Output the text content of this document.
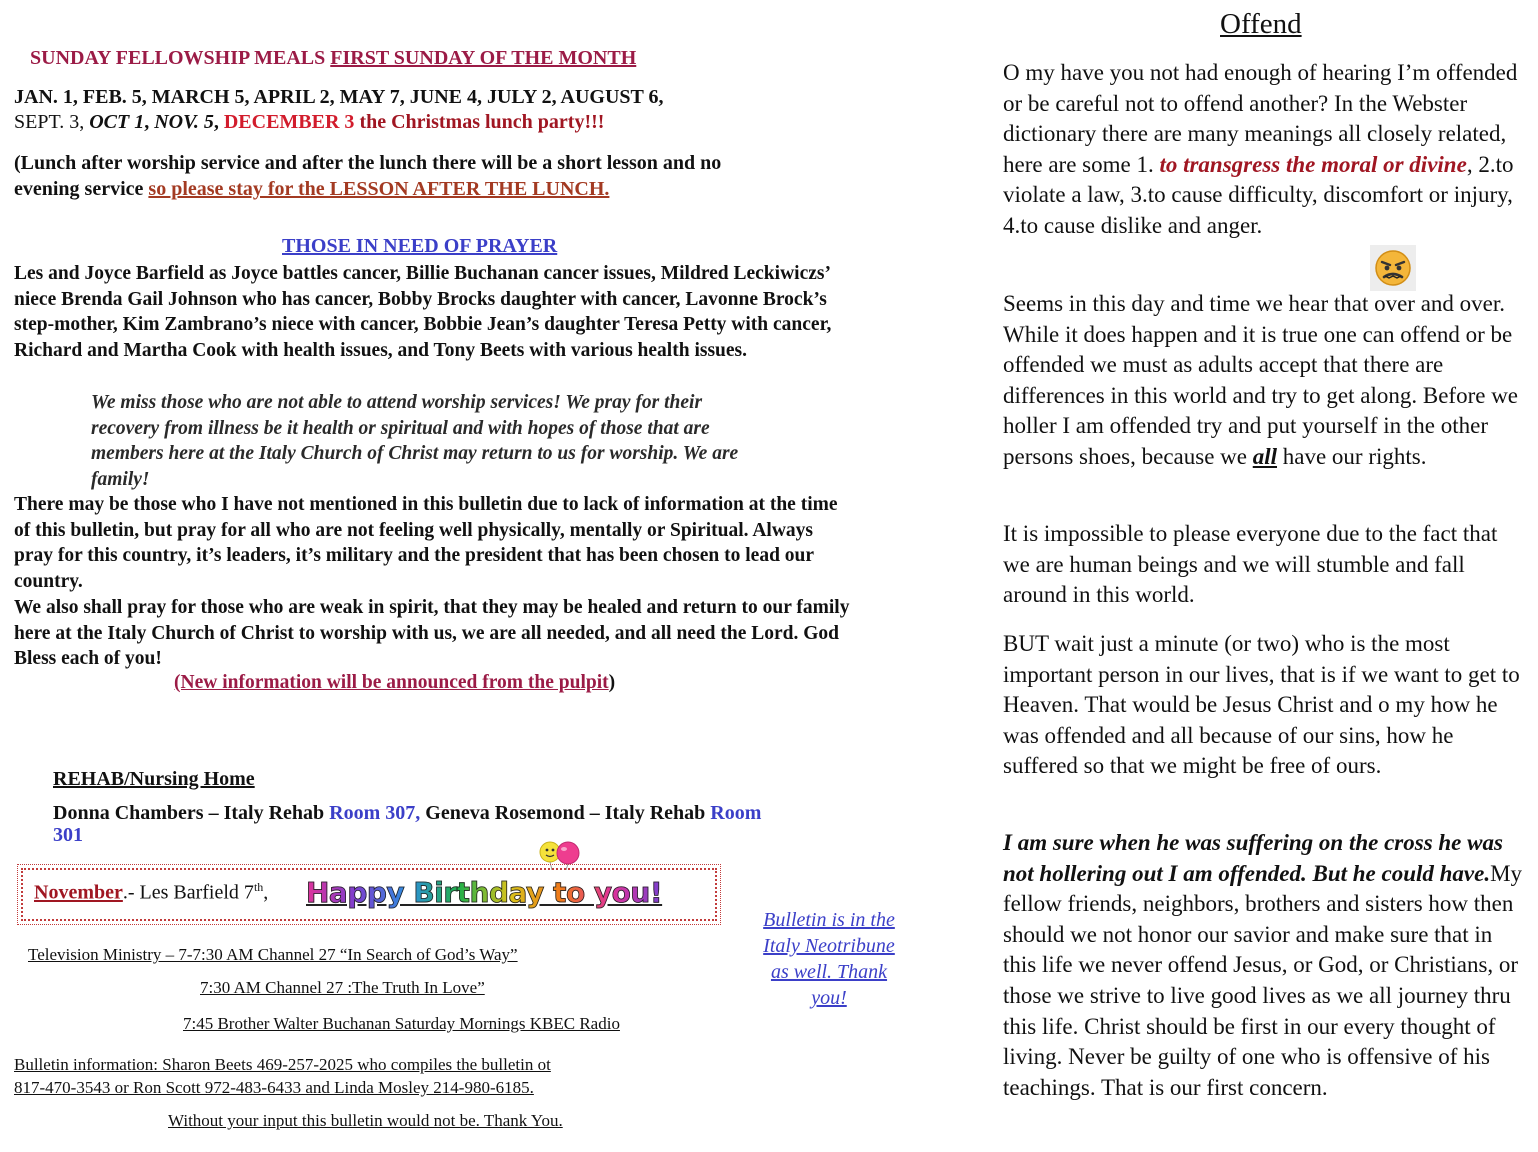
SUNDAY FELLOWSHIP MEALS FIRST SUNDAY OF THE MONTH
JAN. 1, FEB. 5, MARCH 5, APRIL 2, MAY 7, JUNE 4, JULY 2, AUGUST 6,
SEPT. 3, OCT 1, NOV. 5, DECEMBER 3 the Christmas lunch party!!!
(Lunch after worship service and after the lunch there will be a short lesson and no evening service so please stay for the LESSON AFTER THE LUNCH.
THOSE IN NEED OF PRAYER
Les and Joyce Barfield as Joyce battles cancer, Billie Buchanan cancer issues, Mildred Leckiwiczs’ niece Brenda Gail Johnson who has cancer, Bobby Brocks daughter with cancer, Lavonne Brock’s step-mother, Kim Zambrano’s niece with cancer, Bobbie Jean’s daughter Teresa Petty with cancer, Richard and Martha Cook with health issues, and Tony Beets with various health issues.
We miss those who are not able to attend worship services! We pray for their recovery from illness be it health or spiritual and with hopes of those that are members here at the Italy Church of Christ may return to us for worship. We are family!
There may be those who I have not mentioned in this bulletin due to lack of information at the time of this bulletin, but pray for all who are not feeling well physically, mentally or Spiritual. Always pray for this country, it’s leaders, it’s military and the president that has been chosen to lead our country.
We also shall pray for those who are weak in spirit, that they may be healed and return to our family here at the Italy Church of Christ to worship with us, we are all needed, and all need the Lord. God Bless each of you!
(New information will be announced from the pulpit)
REHAB/Nursing Home
Donna Chambers – Italy Rehab Room 307, Geneva Rosemond – Italy Rehab Room 301
November.- Les Barfield 7th, Happy Birthday to you!
Television Ministry – 7-7:30 AM Channel 27 “In Search of God’s Way”
7:30 AM Channel 27 :The Truth In Love”
7:45 Brother Walter Buchanan Saturday Mornings KBEC Radio
Bulletin information: Sharon Beets 469-257-2025 who compiles the bulletin ot
817-470-3543 or Ron Scott 972-483-6433 and Linda Mosley 214-980-6185.
Without your input this bulletin would not be. Thank You.
Bulletin is in the Italy Neotribune as well. Thank you!
Offend
O my have you not had enough of hearing I’m offended or be careful not to offend another? In the Webster dictionary there are many meanings all closely related, here are some 1. to transgress the moral or divine, 2.to violate a law, 3.to cause difficulty, discomfort or injury, 4.to cause dislike and anger.
Seems in this day and time we hear that over and over. While it does happen and it is true one can offend or be offended we must as adults accept that there are differences in this world and try to get along. Before we holler I am offended try and put yourself in the other persons shoes, because we all have our rights.
It is impossible to please everyone due to the fact that we are human beings and we will stumble and fall around in this world.
BUT wait just a minute (or two) who is the most important person in our lives, that is if we want to get to Heaven. That would be Jesus Christ and o my how he was offended and all because of our sins, how he suffered so that we might be free of ours.
I am sure when he was suffering on the cross he was not hollering out I am offended. But he could have.My fellow friends, neighbors, brothers and sisters how then should we not honor our savior and make sure that in this life we never offend Jesus, or God, or Christians, or those we strive to live good lives as we all journey thru this life. Christ should be first in our every thought of living. Never be guilty of one who is offensive of his teachings. That is our first concern.
